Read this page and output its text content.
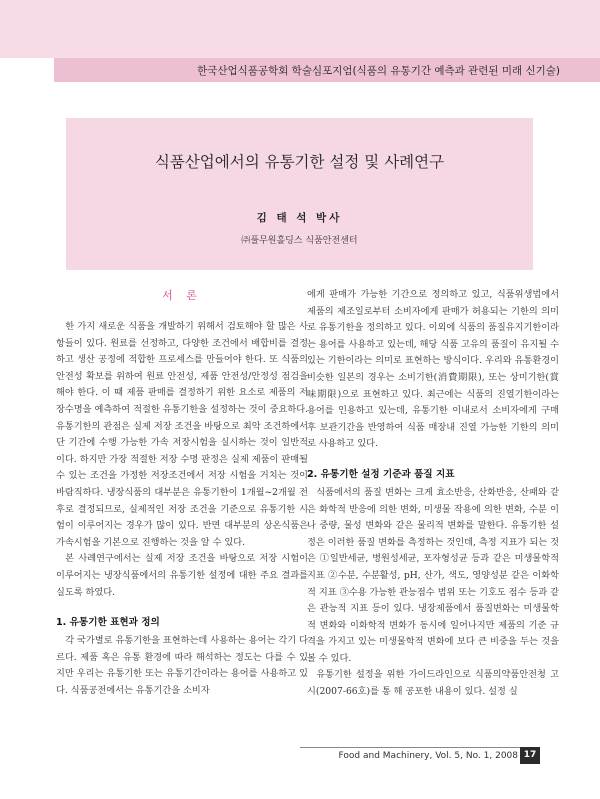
한국산업식품공학회 학술심포지엄(식품의 유통기간 예측과 관련된 미래 신기술)
식품산업에서의 유통기한 설정 및 사례연구
김 태 석 박사
㈜풀무원홀딩스 식품안전센터
서 론

한 가지 새로운 식품을 개발하기 위해서 검토해야 할 많은 사항들이 있다. 원료를 선정하고, 다양한 조건에서 배합비를 결정하고 생산 공정에 적합한 프로세스를 만들어야 한다. 또 식품의 안전성 확보를 위하여 원료 안전성, 제품 안전성/안정성 점검을 해야 한다. 이 때 제품 판매를 결정하기 위한 요소로 제품의 저장수명을 예측하여 적절한 유통기한을 설정하는 것이 중요하다. 유통기한의 관점은 실제 저장 조건을 바탕으로 최악 조건하에서 단 기간에 수행 가능한 가속 저장시험을 실시하는 것이 일반적이다. 하지만 가장 적절한 저장 수명 판정은 실제 제품이 판매될 수 있는 조건을 가정한 저장조건에서 저장 시험을 거치는 것이 바람직하다. 냉장식품의 대부분은 유통기한이 1개월~2개월 전후로 결정되므로, 실제적인 저장 조건을 기준으로 유통기한 시험이 이루어지는 경우가 많이 있다. 반면 대부분의 상온식품은 가속시험을 기본으로 진행하는 것을 알 수 있다.

본 사례연구에서는 실제 저장 조건을 바탕으로 저장 시험이 이루어지는 냉장식품에서의 유통기한 설정에 대한 주요 결과를 실도록 하였다.

1. 유통기한 표현과 정의

각 국가별로 유통기한을 표현하는데 사용하는 용어는 각기 다르다. 제품 혹은 유통 환경에 따라 해석하는 정도는 다를 수 있지만 우리는 유통기한 또는 유통기간이라는 용어를 사용하고 있다. 식품공전에서는 유통기간을 소비자

에게 판매가 가능한 기간으로 정의하고 있고, 식품위생법에서 제품의 제조일로부터 소비자에게 판매가 허용되는 기한의 의미로 유통기한을 정의하고 있다. 이외에 식품의 품질유지기한이라는 용어를 사용하고 있는데, 해당 식품 고유의 품질이 유지될 수 있는 기한이라는 의미로 표현하는 방식이다. 우리와 유통환경이 비슷한 일본의 경우는 소비기한(消費期限), 또는 상미기한(賞味期限)으로 표현하고 있다. 최근에는 식품의 진열기한이라는 용어를 인용하고 있는데, 유통기한 이내로서 소비자에게 구매 후 보관기간을 반영하여 식품 매장내 진열 가능한 기한의 의미로 사용하고 있다.

2. 유통기한 설정 기준과 품질 지표

식품에서의 품질 변화는 크게 효소반응, 산화반응, 산패와 같은 화학적 반응에 의한 변화, 미생물 작용에 의한 변화, 수분 이나 중량, 물성 변화와 같은 물리적 변화를 말한다. 유통기한 설정은 이러한 품질 변화를 측정하는 것인데, 측정 지표가 되는 것은 ①일반세균, 병원성세균, 포자형성균 등과 같은 미생물학적 지표 ②수분, 수분활성, pH, 산가, 색도, 영양성분 같은 이화학적 지표 ③수용 가능한 관능점수 범위 또는 기호도 점수 등과 같은 관능적 지표 등이 있다. 냉장제품에서 품질변화는 미생물학적 변화와 이화학적 변화가 동시에 일어나지만 제품의 기준 규격을 가지고 있는 미생물학적 변화에 보다 큰 비중을 두는 것을 볼 수 있다.

유통기한 설정을 위한 가이드라인으로 식품의약품안전청 고시(2007-66호)를 통 해 공포한 내용이 있다. 설정 실

Food and Machinery, Vol. 5, No. 1, 2008 17
